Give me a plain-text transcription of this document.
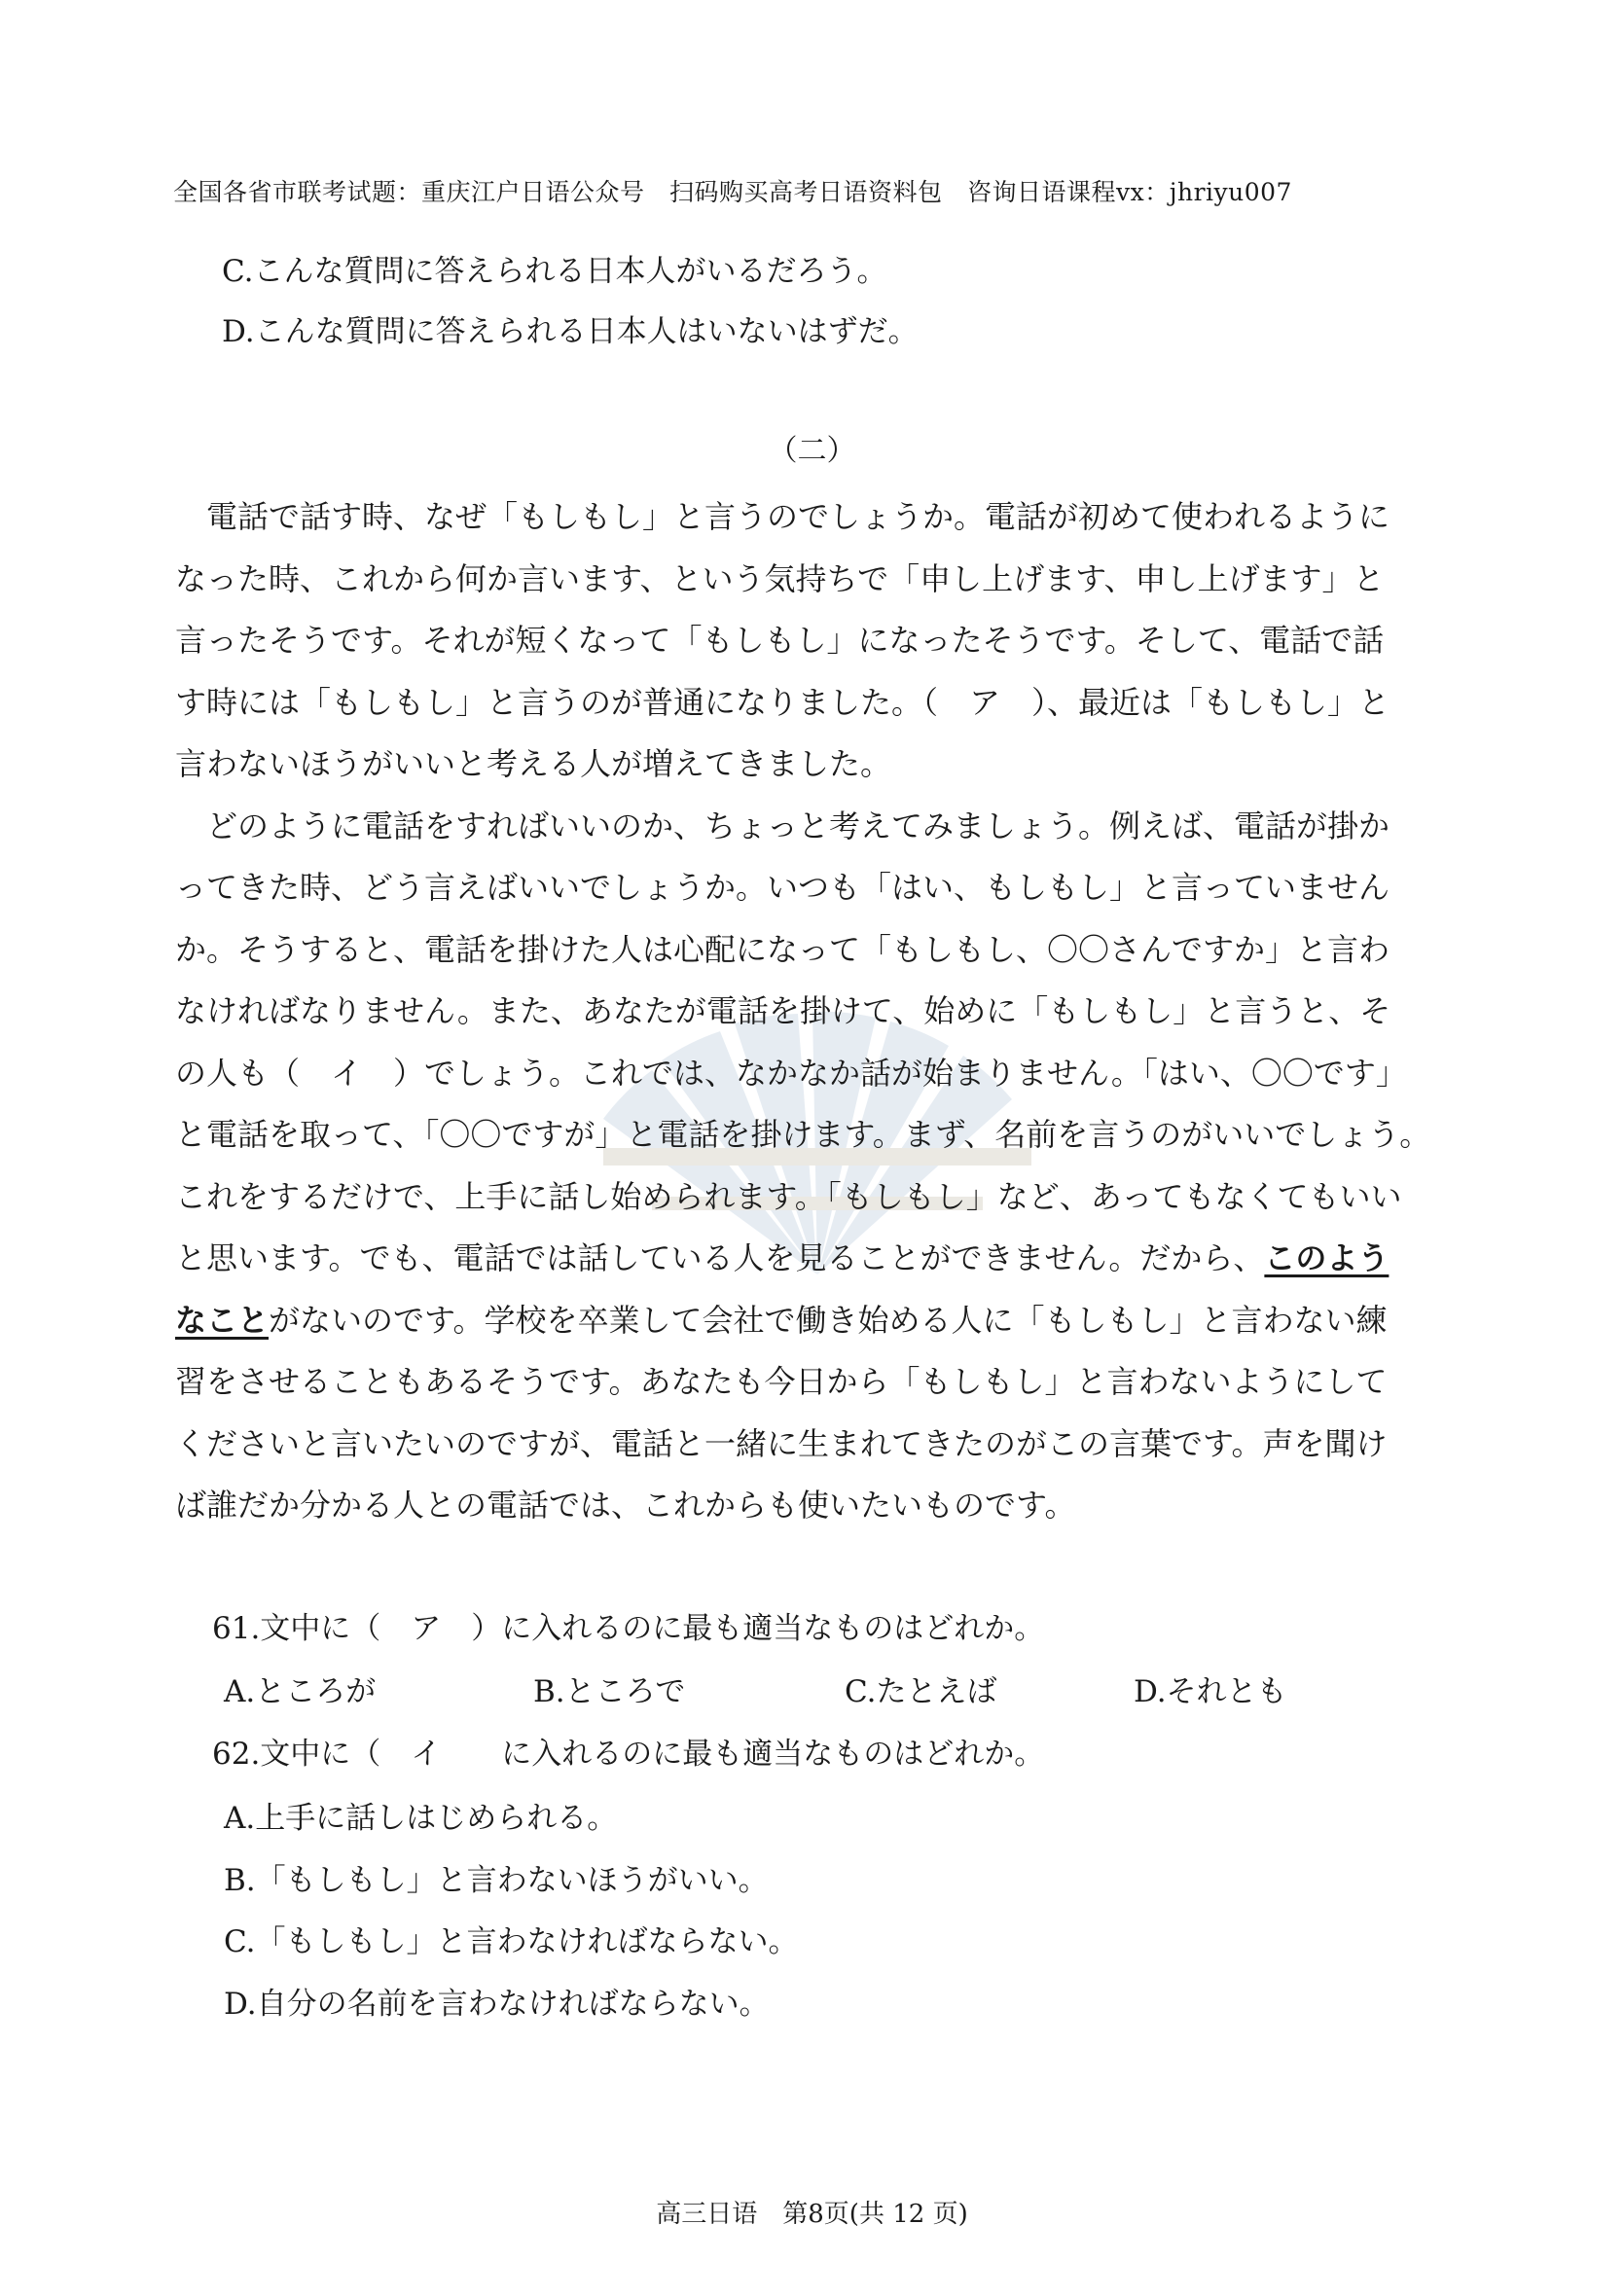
全国各省市联考试题：重庆江户日语公众号　扫码购买高考日语资料包　咨询日语课程vx：jhriyu007
C.こんな質問に答えられる日本人がいるだろう。
D.こんな質問に答えられる日本人はいないはずだ。
（二）
電話で話す時、なぜ「もしもし」と言うのでしょうか。電話が初めて使われるように
なった時、これから何か言います、という気持ちで「申し上げます、申し上げます」と
言ったそうです。それが短くなって「もしもし」になったそうです。そして、電話で話
す時には「もしもし」と言うのが普通になりました。（　ア　）、最近は「もしもし」と
言わないほうがいいと考える人が増えてきました。
どのように電話をすればいいのか、ちょっと考えてみましょう。例えば、電話が掛か
ってきた時、どう言えばいいでしょうか。いつも「はい、もしもし」と言っていません
か。そうすると、電話を掛けた人は心配になって「もしもし、〇〇さんですか」と言わ
なければなりません。また、あなたが電話を掛けて、始めに「もしもし」と言うと、そ
の人も（　イ　）でしょう。これでは、なかなか話が始まりません。「はい、〇〇です」
と電話を取って、「〇〇ですが」と電話を掛けます。まず、名前を言うのがいいでしょう。
これをするだけで、上手に話し始められます。「もしもし」など、あってもなくてもいい
と思います。でも、電話では話している人を見ることができません。だから、このよう
なことがないのです。学校を卒業して会社で働き始める人に「もしもし」と言わない練
習をさせることもあるそうです。あなたも今日から「もしもし」と言わないようにして
くださいと言いたいのですが、電話と一緒に生まれてきたのがこの言葉です。声を聞け
ば誰だか分かる人との電話では、これからも使いたいものです。
61.文中に（　ア　）に入れるのに最も適当なものはどれか。
A.ところが	B.ところで	C.たとえば	D.それとも
62.文中に（　イ　　に入れるのに最も適当なものはどれか。
A.上手に話しはじめられる。
B.「もしもし」と言わないほうがいい。
C.「もしもし」と言わなければならない。
D.自分の名前を言わなければならない。
高三日语　第8页(共 12 页)
